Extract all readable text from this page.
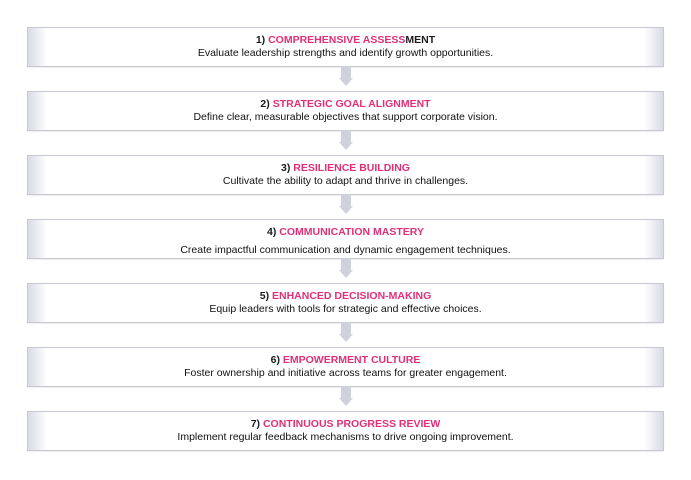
1) COMPREHENSIVE ASSESSMENT
Evaluate leadership strengths and identify growth opportunities.
2) STRATEGIC GOAL ALIGNMENT
Define clear, measurable objectives that support corporate vision.
3) RESILIENCE BUILDING
Cultivate the ability to adapt and thrive in challenges.
4) COMMUNICATION MASTERY
Create impactful communication and dynamic engagement techniques.
5) ENHANCED DECISION-MAKING
Equip leaders with tools for strategic and effective choices.
6) EMPOWERMENT CULTURE
Foster ownership and initiative across teams for greater engagement.
7) CONTINUOUS PROGRESS REVIEW
Implement regular feedback mechanisms to drive ongoing improvement.
